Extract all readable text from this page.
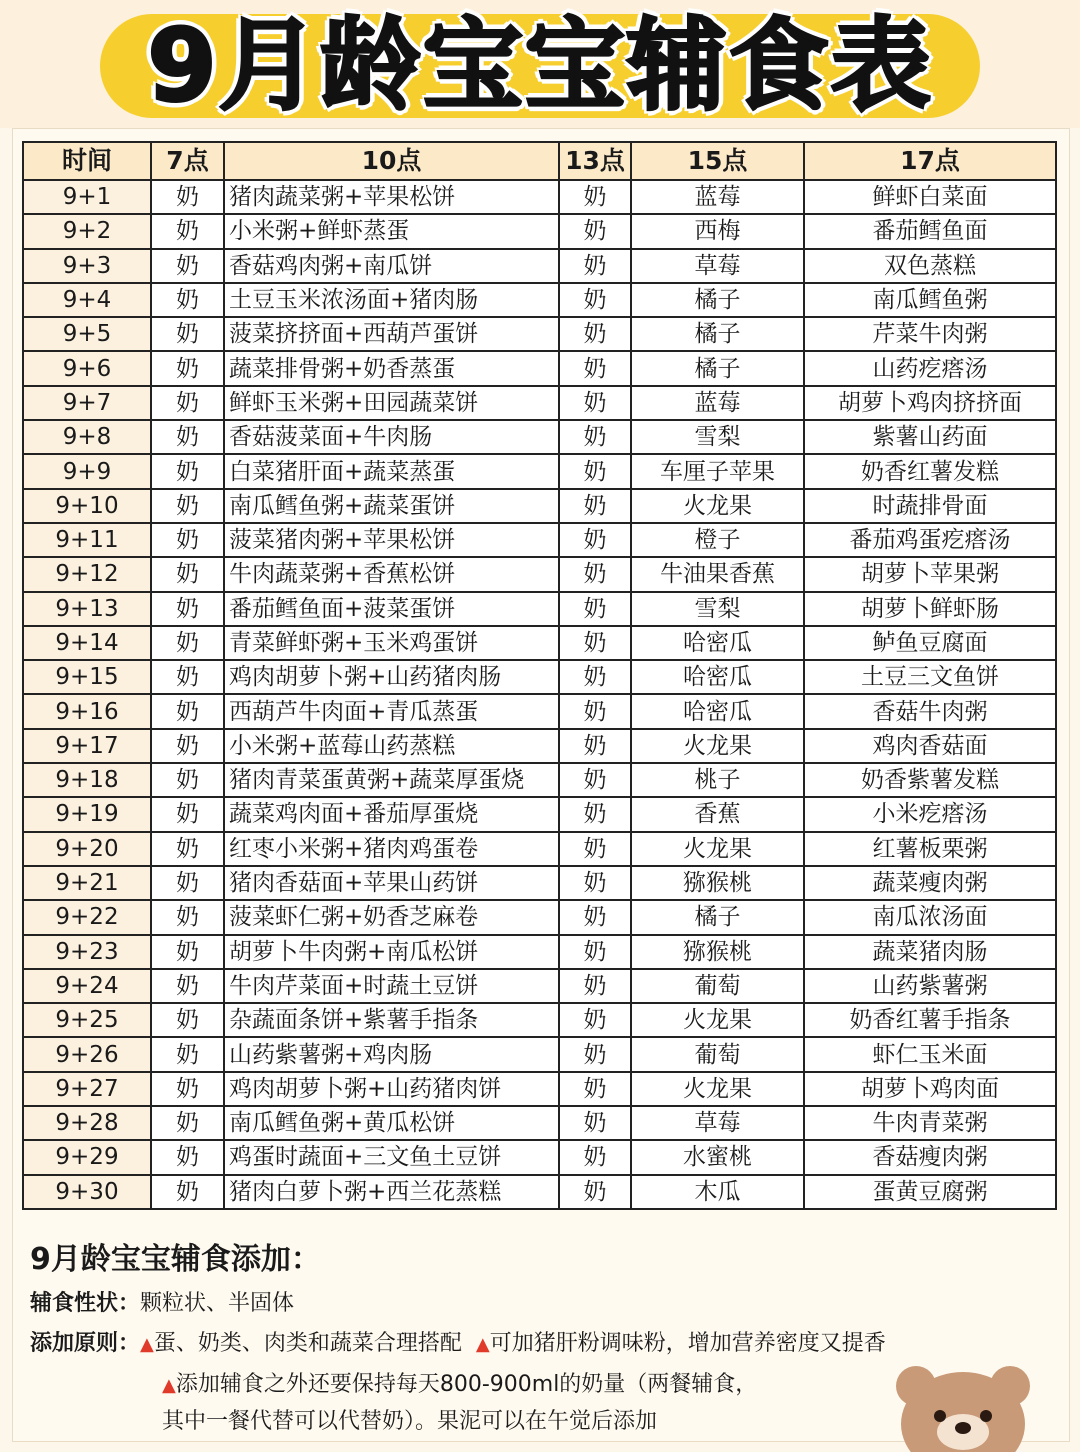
9月龄宝宝辅食表
时间	7点	10点	13点	15点	17点
9+1	奶	猪肉蔬菜粥+苹果松饼	奶	蓝莓	鲜虾白菜面
9+2	奶	小米粥+鲜虾蒸蛋	奶	西梅	番茄鳕鱼面
9+3	奶	香菇鸡肉粥+南瓜饼	奶	草莓	双色蒸糕
9+4	奶	土豆玉米浓汤面+猪肉肠	奶	橘子	南瓜鳕鱼粥
9+5	奶	菠菜挤挤面+西葫芦蛋饼	奶	橘子	芹菜牛肉粥
9+6	奶	蔬菜排骨粥+奶香蒸蛋	奶	橘子	山药疙瘩汤
9+7	奶	鲜虾玉米粥+田园蔬菜饼	奶	蓝莓	胡萝卜鸡肉挤挤面
9+8	奶	香菇菠菜面+牛肉肠	奶	雪梨	紫薯山药面
9+9	奶	白菜猪肝面+蔬菜蒸蛋	奶	车厘子苹果	奶香红薯发糕
9+10	奶	南瓜鳕鱼粥+蔬菜蛋饼	奶	火龙果	时蔬排骨面
9+11	奶	菠菜猪肉粥+苹果松饼	奶	橙子	番茄鸡蛋疙瘩汤
9+12	奶	牛肉蔬菜粥+香蕉松饼	奶	牛油果香蕉	胡萝卜苹果粥
9+13	奶	番茄鳕鱼面+菠菜蛋饼	奶	雪梨	胡萝卜鲜虾肠
9+14	奶	青菜鲜虾粥+玉米鸡蛋饼	奶	哈密瓜	鲈鱼豆腐面
9+15	奶	鸡肉胡萝卜粥+山药猪肉肠	奶	哈密瓜	土豆三文鱼饼
9+16	奶	西葫芦牛肉面+青瓜蒸蛋	奶	哈密瓜	香菇牛肉粥
9+17	奶	小米粥+蓝莓山药蒸糕	奶	火龙果	鸡肉香菇面
9+18	奶	猪肉青菜蛋黄粥+蔬菜厚蛋烧	奶	桃子	奶香紫薯发糕
9+19	奶	蔬菜鸡肉面+番茄厚蛋烧	奶	香蕉	小米疙瘩汤
9+20	奶	红枣小米粥+猪肉鸡蛋卷	奶	火龙果	红薯板栗粥
9+21	奶	猪肉香菇面+苹果山药饼	奶	猕猴桃	蔬菜瘦肉粥
9+22	奶	菠菜虾仁粥+奶香芝麻卷	奶	橘子	南瓜浓汤面
9+23	奶	胡萝卜牛肉粥+南瓜松饼	奶	猕猴桃	蔬菜猪肉肠
9+24	奶	牛肉芹菜面+时蔬土豆饼	奶	葡萄	山药紫薯粥
9+25	奶	杂蔬面条饼+紫薯手指条	奶	火龙果	奶香红薯手指条
9+26	奶	山药紫薯粥+鸡肉肠	奶	葡萄	虾仁玉米面
9+27	奶	鸡肉胡萝卜粥+山药猪肉饼	奶	火龙果	胡萝卜鸡肉面
9+28	奶	南瓜鳕鱼粥+黄瓜松饼	奶	草莓	牛肉青菜粥
9+29	奶	鸡蛋时蔬面+三文鱼土豆饼	奶	水蜜桃	香菇瘦肉粥
9+30	奶	猪肉白萝卜粥+西兰花蒸糕	奶	木瓜	蛋黄豆腐粥
9月龄宝宝辅食添加：
辅食性状：颗粒状、半固体
添加原则：▲蛋、奶类、肉类和蔬菜合理搭配 ▲可加猪肝粉调味粉，增加营养密度又提香
▲添加辅食之外还要保持每天800-900ml的奶量（两餐辅食，
其中一餐代替可以代替奶）。果泥可以在午觉后添加
